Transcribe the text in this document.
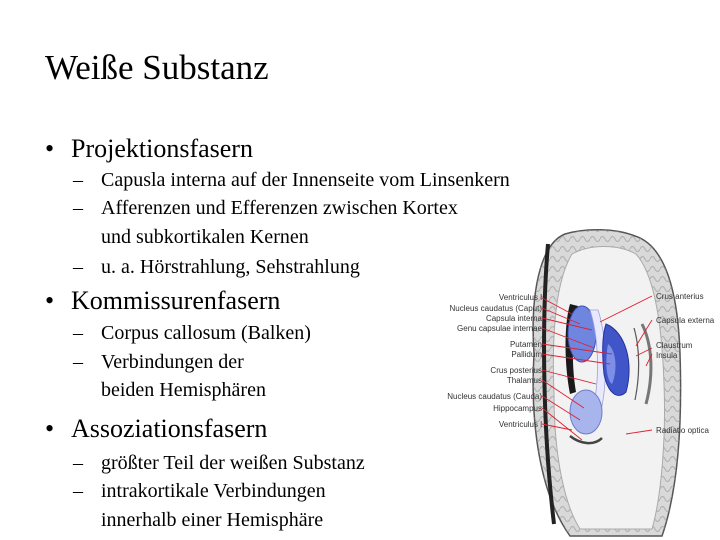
Weiße Substanz
• Projektionsfasern
– Capusla interna auf der Innenseite vom Linsenkern
– Afferenzen und Efferenzen zwischen Kortex
und subkortikalen Kernen
– u. a. Hörstrahlung, Sehstrahlung
• Kommissurenfasern
– Corpus callosum (Balken)
– Verbindungen der
beiden Hemisphären
• Assoziationsfasern
– größter Teil der weißen Substanz
– intrakortikale Verbindungen
innerhalb einer Hemisphäre
Ventriculus l
Nucleus caudatus (Caput)
Capsula interna
Genu capsulae internae
Putamen
Pallidum
Crus posterius
Thalamus
Nucleus caudatus (Cauda)
Hippocampus
Ventriculus l
Crus anterius
Capsula externa
Claustrum
Insula
Radiatio optica
